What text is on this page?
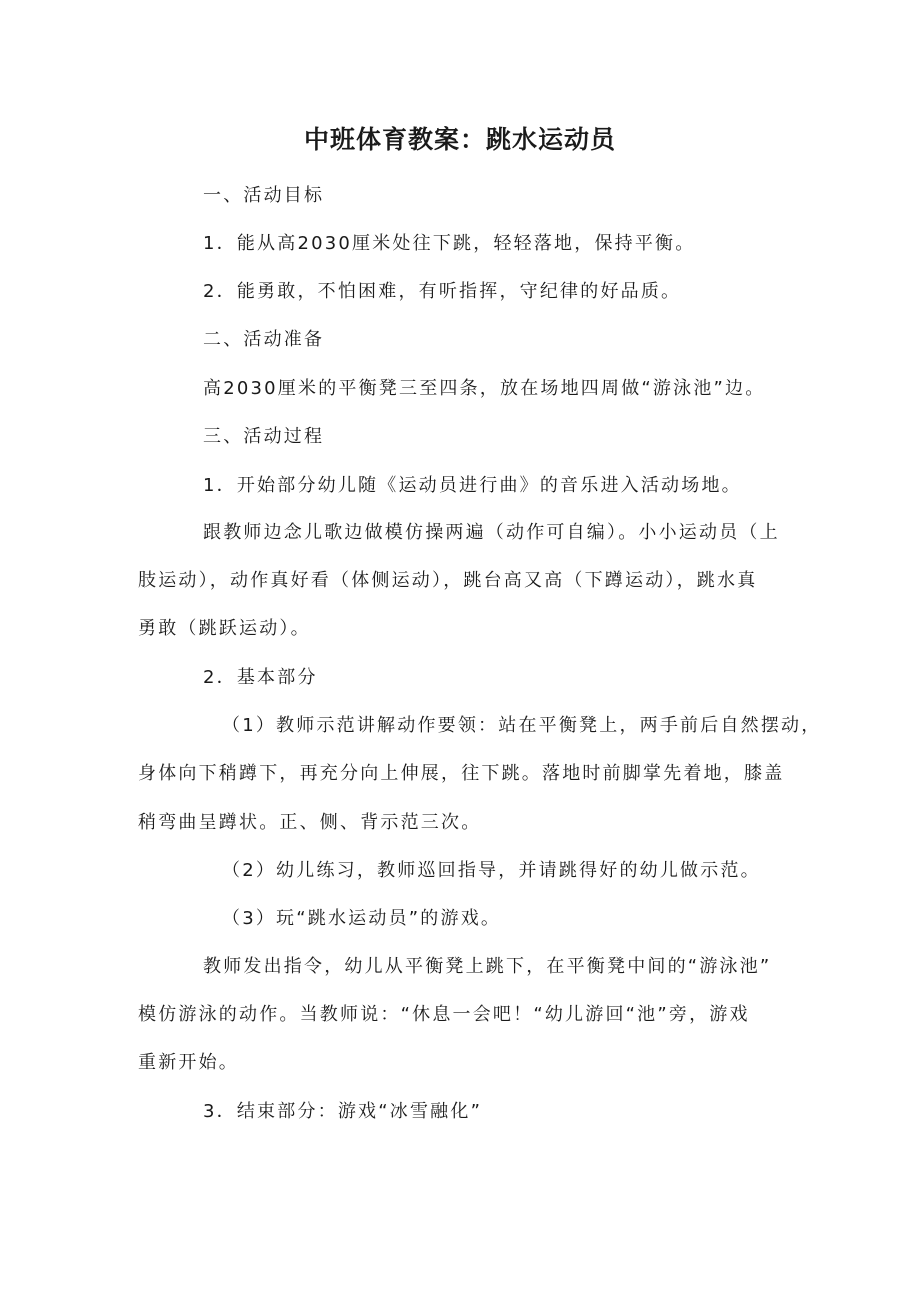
中班体育教案：跳水运动员
一、活动目标
1．能从高2030厘米处往下跳，轻轻落地，保持平衡。
2．能勇敢，不怕困难，有听指挥，守纪律的好品质。
二、活动准备
高2030厘米的平衡凳三至四条，放在场地四周做“游泳池”边。
三、活动过程
1．开始部分幼儿随《运动员进行曲》的音乐进入活动场地。
跟教师边念儿歌边做模仿操两遍（动作可自编）。小小运动员（上
肢运动），动作真好看（体侧运动），跳台高又高（下蹲运动），跳水真
勇敢（跳跃运动）。
2．基本部分
（1）教师示范讲解动作要领：站在平衡凳上，两手前后自然摆动，
身体向下稍蹲下，再充分向上伸展，往下跳。落地时前脚掌先着地，膝盖
稍弯曲呈蹲状。正、侧、背示范三次。
（2）幼儿练习，教师巡回指导，并请跳得好的幼儿做示范。
（3）玩“跳水运动员”的游戏。
教师发出指令，幼儿从平衡凳上跳下，在平衡凳中间的“游泳池”
模仿游泳的动作。当教师说：“休息一会吧！“幼儿游回“池”旁，游戏
重新开始。
3．结束部分：游戏“冰雪融化”
